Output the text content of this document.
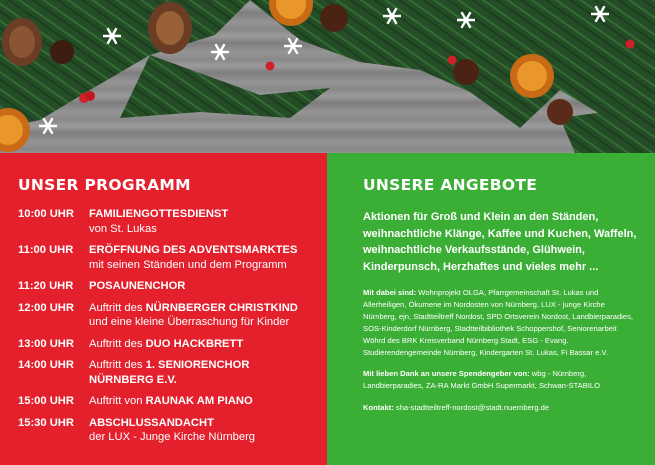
UNSER PROGRAMM
10:00 UHR	FAMILIENGOTTESDIENST
von St. Lukas
11:00 UHR	ERÖFFNUNG DES ADVENTSMARKTES
mit seinen Ständen und dem Programm
11:20 UHR	POSAUNENCHOR
12:00 UHR	Auftritt des NÜRNBERGER CHRISTKIND
und eine kleine Überraschung für Kinder
13:00 UHR	Auftritt des DUO HACKBRETT
14:00 UHR	Auftritt des 1. SENIORENCHOR
NÜRNBERG E.V.
15:00 UHR	Auftritt von RAUNAK AM PIANO
15:30 UHR	ABSCHLUSSANDACHT
der LUX - Junge Kirche Nürnberg
UNSERE ANGEBOTE

Aktionen für Groß und Klein an den Ständen, weihnachtliche Klänge, Kaffee und Kuchen, Waffeln, weihnachtliche Verkaufsstände, Glühwein, Kinderpunsch, Herzhaftes und vieles mehr ...

Mit dabei sind: Wohnprojekt OLGA, Pfarrgemeinschaft St. Lukas und Allerheiligen, Ökumene im Nordosten von Nürnberg, LUX - junge Kirche Nürnberg, ejn, Stadtteiltreff Nordost, SPD Ortsverein Nordost, Landbierparadies, SOS-Kinderdorf Nürnberg, Stadtteilbibliothek Schoppershof, Seniorenarbeit Wöhrd des BRK Kreisverband Nürnberg Stadt, ESG - Evang. Studierendengemeinde Nürnberg, Kindergarten St. Lukas, Fi Bassar e.V.

Mit lieben Dank an unsere Spendengeber von: wbg - Nürnberg, Landbierparadies, ZA-RA Markt GmbH Supermarkt, Schwan-STABILO

Kontakt: sha-stadtteiltreff-nordost@stadt.nuernberg.de
